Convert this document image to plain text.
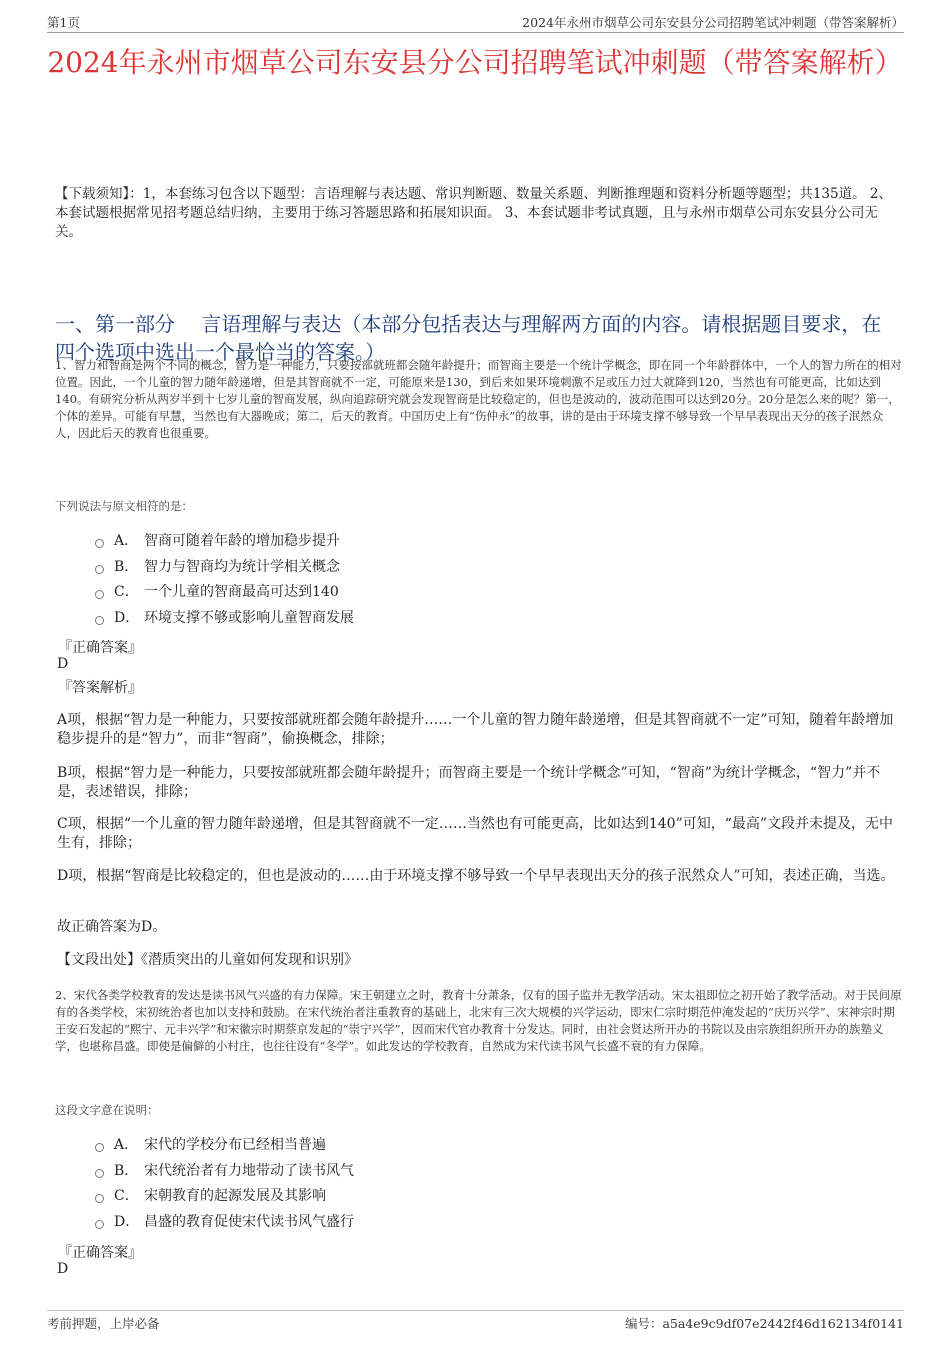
第1页	2024年永州市烟草公司东安县分公司招聘笔试冲刺题（带答案解析）
2024年永州市烟草公司东安县分公司招聘笔试冲刺题（带答案解析）
【下载须知】：1，本套练习包含以下题型：言语理解与表达题、常识判断题、数量关系题、判断推理题和资料分析题等题型；共135道。 2、本套试题根据常见招考题总结归纳，主要用于练习答题思路和拓展知识面。 3、本套试题非考试真题，且与永州市烟草公司东安县分公司无关。
一、第一部分　 言语理解与表达（本部分包括表达与理解两方面的内容。请根据题目要求，在四个选项中选出一个最恰当的答案。）
1、智力和智商是两个不同的概念，智力是一种能力，只要按部就班都会随年龄提升；而智商主要是一个统计学概念，即在同一个年龄群体中，一个人的智力所在的相对位置。因此，一个儿童的智力随年龄递增，但是其智商就不一定，可能原来是130，到后来如果环境刺激不足或压力过大就降到120，当然也有可能更高，比如达到140。有研究分析从两岁半到十七岁儿童的智商发展，纵向追踪研究就会发现智商是比较稳定的，但也是波动的，波动范围可以达到20分。20分是怎么来的呢？第一，个体的差异。可能有早慧，当然也有大器晚成；第二，后天的教育。中国历史上有“伤仲永”的故事，讲的是由于环境支撑不够导致一个早早表现出天分的孩子泯然众人，因此后天的教育也很重要。
下列说法与原文相符的是：
A． 智商可随着年龄的增加稳步提升
B． 智力与智商均为统计学相关概念
C． 一个儿童的智商最高可达到140
D． 环境支撑不够或影响儿童智商发展
『正确答案』
D
『答案解析』
A项，根据“智力是一种能力，只要按部就班都会随年龄提升……一个儿童的智力随年龄递增，但是其智商就不一定”可知，随着年龄增加稳步提升的是“智力”，而非“智商”，偷换概念，排除；
B项，根据“智力是一种能力，只要按部就班都会随年龄提升；而智商主要是一个统计学概念”可知，“智商”为统计学概念，“智力”并不是，表述错误，排除；
C项，根据“一个儿童的智力随年龄递增，但是其智商就不一定……当然也有可能更高，比如达到140”可知，“最高”文段并未提及，无中生有，排除；
D项，根据“智商是比较稳定的，但也是波动的……由于环境支撑不够导致一个早早表现出天分的孩子泯然众人”可知，表述正确，当选。
故正确答案为D。
【文段出处】《潜质突出的儿童如何发现和识别》
2、宋代各类学校教育的发达是读书风气兴盛的有力保障。宋王朝建立之时，教育十分萧条，仅有的国子监并无教学活动。宋太祖即位之初开始了教学活动。对于民间原有的各类学校，宋初统治者也加以支持和鼓励。在宋代统治者注重教育的基础上，北宋有三次大规模的兴学运动，即宋仁宗时期范仲淹发起的“庆历兴学”、宋神宗时期王安石发起的“熙宁、元丰兴学”和宋徽宗时期蔡京发起的“崇宁兴学”，因而宋代官办教育十分发达。同时，由社会贤达所开办的书院以及由宗族组织所开办的族塾义学，也堪称昌盛。即使是偏僻的小村庄，也往往设有“冬学”。如此发达的学校教育，自然成为宋代读书风气长盛不衰的有力保障。
这段文字意在说明：
A． 宋代的学校分布已经相当普遍
B． 宋代统治者有力地带动了读书风气
C． 宋朝教育的起源发展及其影响
D． 昌盛的教育促使宋代读书风气盛行
『正确答案』
D
考前押题，上岸必备	编号：a5a4e9c9df07e2442f46d162134f0141
